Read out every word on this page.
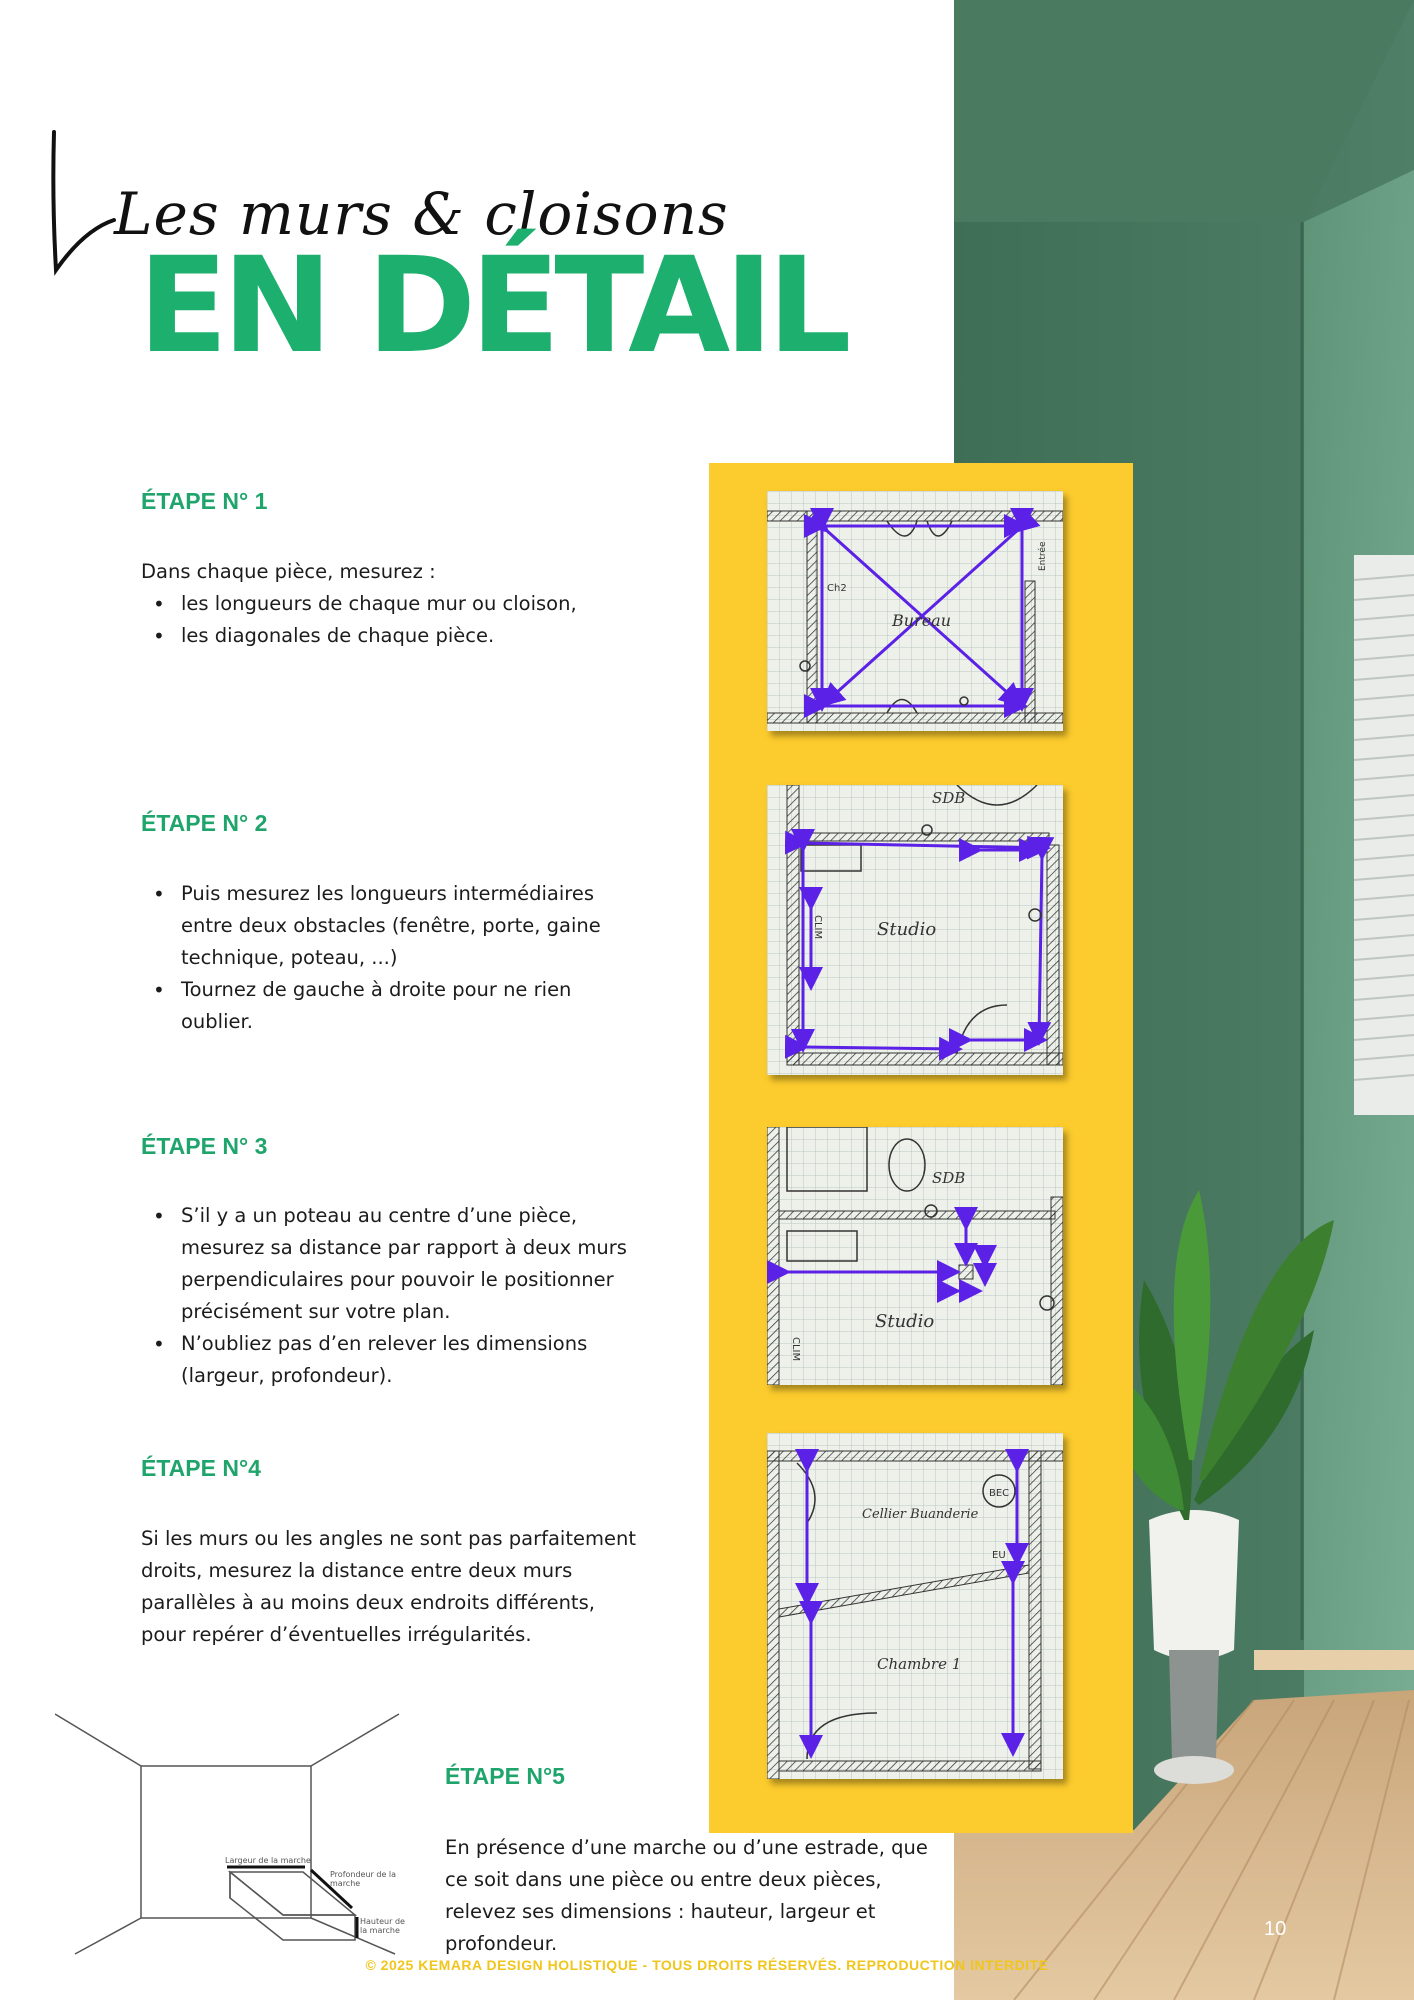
Les murs & cloisons
EN DÉTAIL
Bureau
Ch2
Entrée
SDB
Studio
CLIM
SDB
Studio
CLIM
BEC
EU
Cellier Buanderie
Chambre 1
ÉTAPE N° 1
Dans chaque pièce, mesurez :
• les longueurs de chaque mur ou cloison,
• les diagonales de chaque pièce.
ÉTAPE N° 2
• Puis mesurez les longueurs intermédiaires entre deux obstacles (fenêtre, porte, gaine technique, poteau, ...)
• Tournez de gauche à droite pour ne rien oublier.
ÉTAPE N° 3
• S’il y a un poteau au centre d’une pièce, mesurez sa distance par rapport à deux murs perpendiculaires pour pouvoir le positionner précisément sur votre plan.
• N’oubliez pas d’en relever les dimensions (largeur, profondeur).
ÉTAPE N°4
Si les murs ou les angles ne sont pas parfaitement droits, mesurez la distance entre deux murs parallèles à au moins deux endroits différents, pour repérer d’éventuelles irrégularités.
Largeur de la marche
Profondeur de la marche
Hauteur de la marche
ÉTAPE N°5
En présence d’une marche ou d’une estrade, que ce soit dans une pièce ou entre deux pièces, relevez ses dimensions : hauteur, largeur et profondeur.
10
© 2025 KEMARA DESIGN HOLISTIQUE - TOUS DROITS RÉSERVÉS. REPRODUCTION INTERDITE
